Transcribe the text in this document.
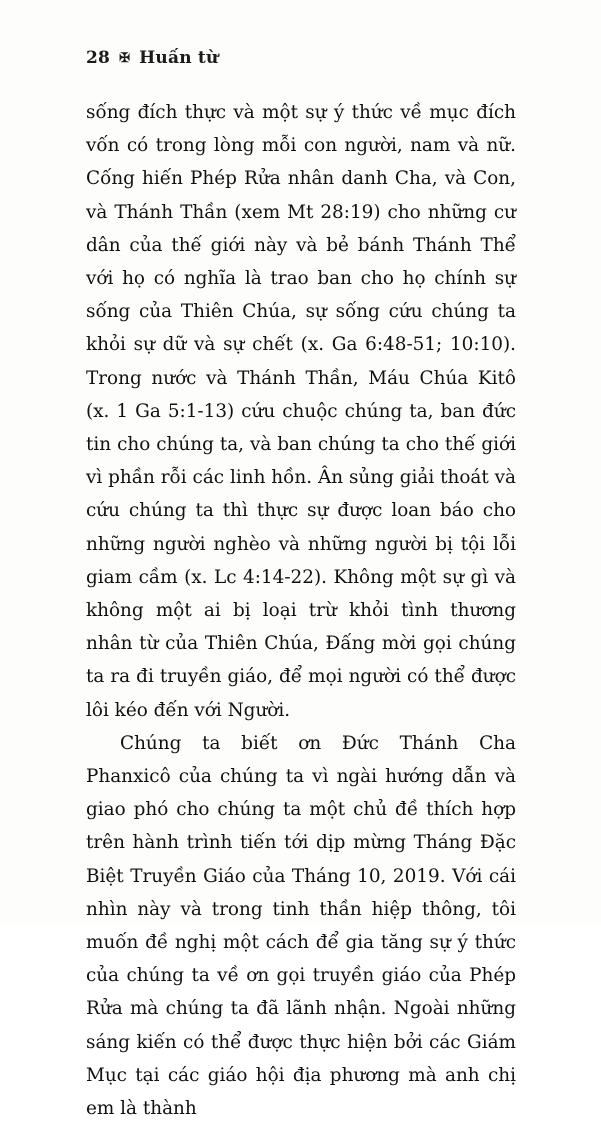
28 ✠ Huấn từ

sống đích thực và một sự ý thức về mục đích vốn có trong lòng mỗi con người, nam và nữ. Cống hiến Phép Rửa nhân danh Cha, và Con, và Thánh Thần (xem Mt 28:19) cho những cư dân của thế giới này và bẻ bánh Thánh Thể với họ có nghĩa là trao ban cho họ chính sự sống của Thiên Chúa, sự sống cứu chúng ta khỏi sự dữ và sự chết (x. Ga 6:48-51; 10:10). Trong nước và Thánh Thần, Máu Chúa Kitô (x. 1 Ga 5:1-13) cứu chuộc chúng ta, ban đức tin cho chúng ta, và ban chúng ta cho thế giới vì phần rỗi các linh hồn. Ân sủng giải thoát và cứu chúng ta thì thực sự được loan báo cho những người nghèo và những người bị tội lỗi giam cầm (x. Lc 4:14-22). Không một sự gì và không một ai bị loại trừ khỏi tình thương nhân từ của Thiên Chúa, Đấng mời gọi chúng ta ra đi truyền giáo, để mọi người có thể được lôi kéo đến với Người.

Chúng ta biết ơn Đức Thánh Cha Phanxicô của chúng ta vì ngài hướng dẫn và giao phó cho chúng ta một chủ đề thích hợp trên hành trình tiến tới dịp mừng Tháng Đặc Biệt Truyền Giáo của Tháng 10, 2019. Với cái nhìn này và trong tinh thần hiệp thông, tôi muốn đề nghị một cách để gia tăng sự ý thức của chúng ta về ơn gọi truyền giáo của Phép Rửa mà chúng ta đã lãnh nhận. Ngoài những sáng kiến có thể được thực hiện bởi các Giám Mục tại các giáo hội địa phương mà anh chị em là thành
